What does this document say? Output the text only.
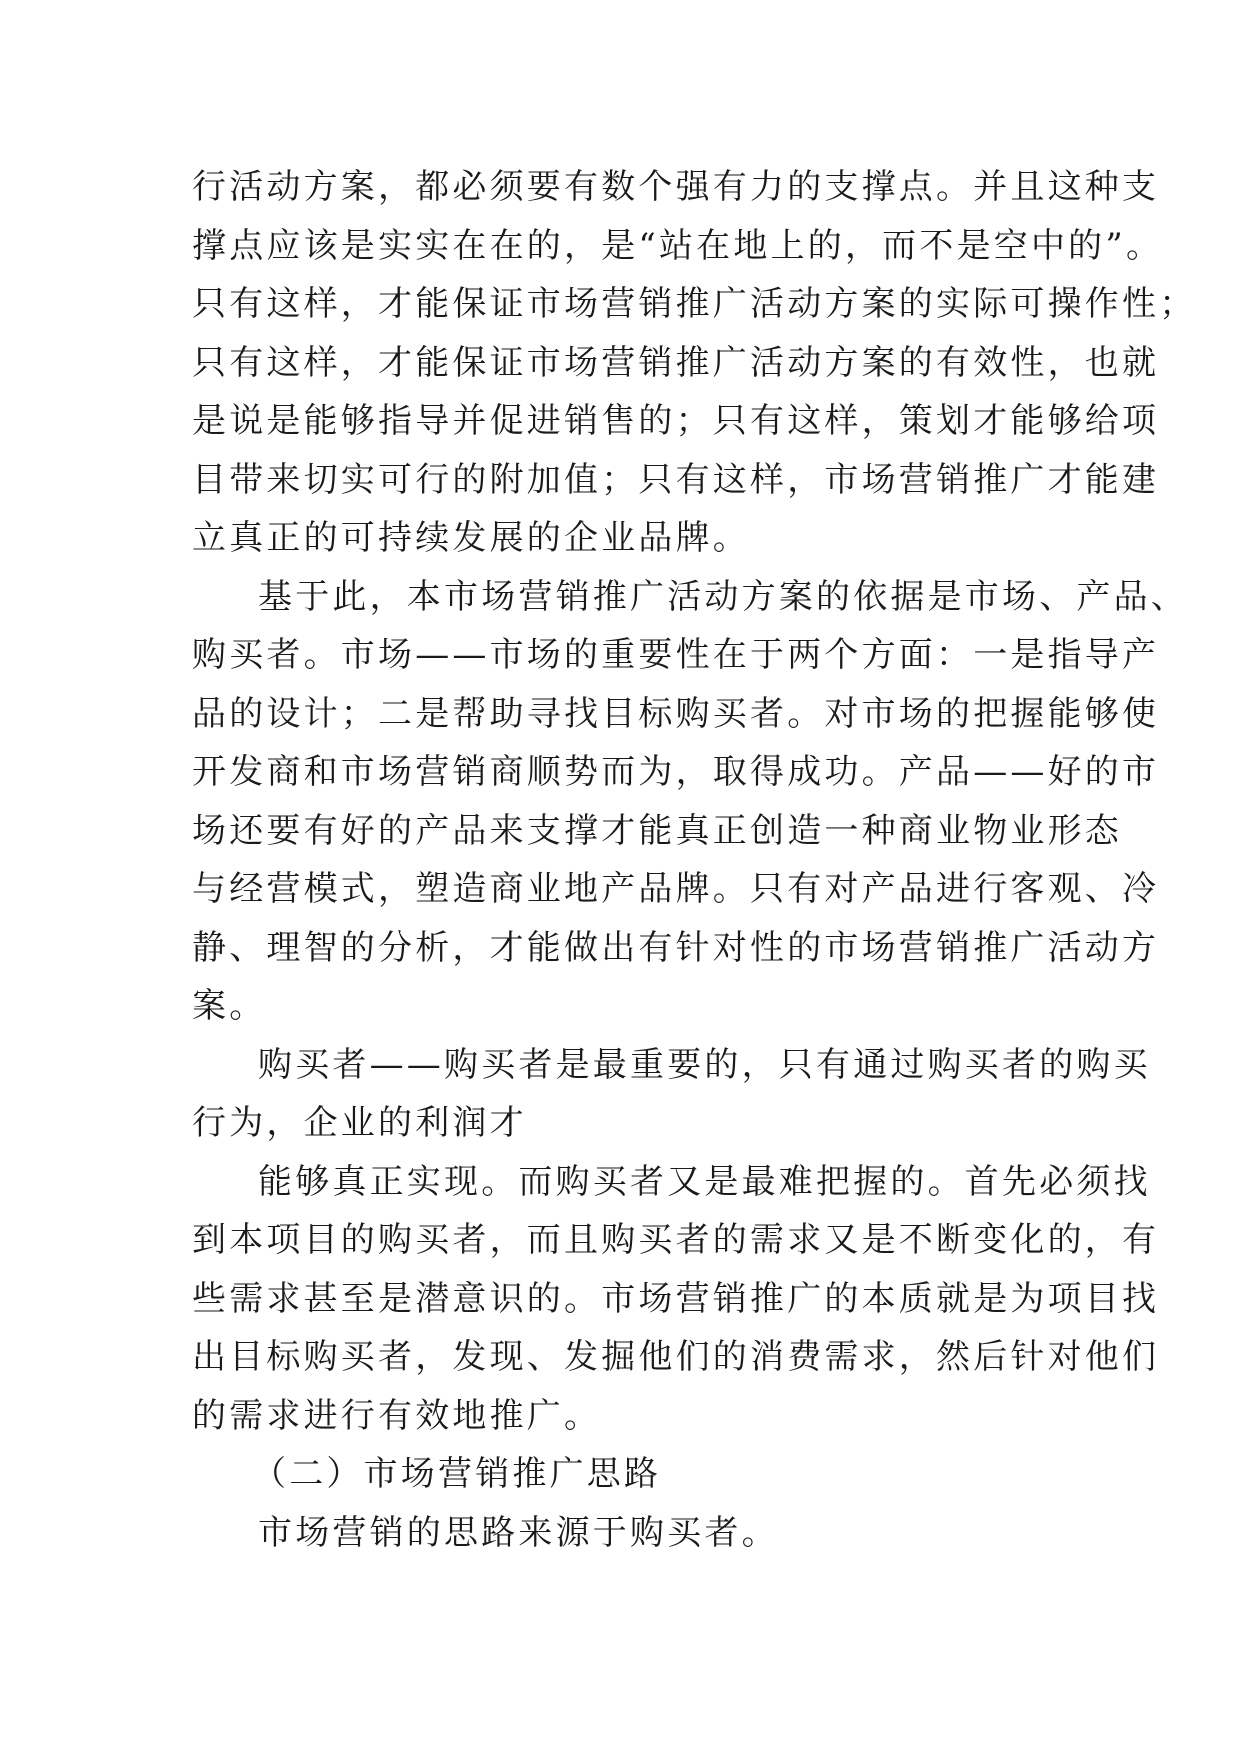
行活动方案，都必须要有数个强有力的支撑点。并且这种支
撑点应该是实实在在的，是“站在地上的，而不是空中的”。
只有这样，才能保证市场营销推广活动方案的实际可操作性；
只有这样，才能保证市场营销推广活动方案的有效性，也就
是说是能够指导并促进销售的；只有这样，策划才能够给项
目带来切实可行的附加值；只有这样，市场营销推广才能建
立真正的可持续发展的企业品牌。
基于此，本市场营销推广活动方案的依据是市场、产品、
购买者。市场——市场的重要性在于两个方面：一是指导产
品的设计；二是帮助寻找目标购买者。对市场的把握能够使
开发商和市场营销商顺势而为，取得成功。产品——好的市
场还要有好的产品来支撑才能真正创造一种商业物业形态
与经营模式，塑造商业地产品牌。只有对产品进行客观、冷
静、理智的分析，才能做出有针对性的市场营销推广活动方
案。
购买者——购买者是最重要的，只有通过购买者的购买
行为，企业的利润才
能够真正实现。而购买者又是最难把握的。首先必须找
到本项目的购买者，而且购买者的需求又是不断变化的，有
些需求甚至是潜意识的。市场营销推广的本质就是为项目找
出目标购买者，发现、发掘他们的消费需求，然后针对他们
的需求进行有效地推广。
（二）市场营销推广思路
市场营销的思路来源于购买者。
